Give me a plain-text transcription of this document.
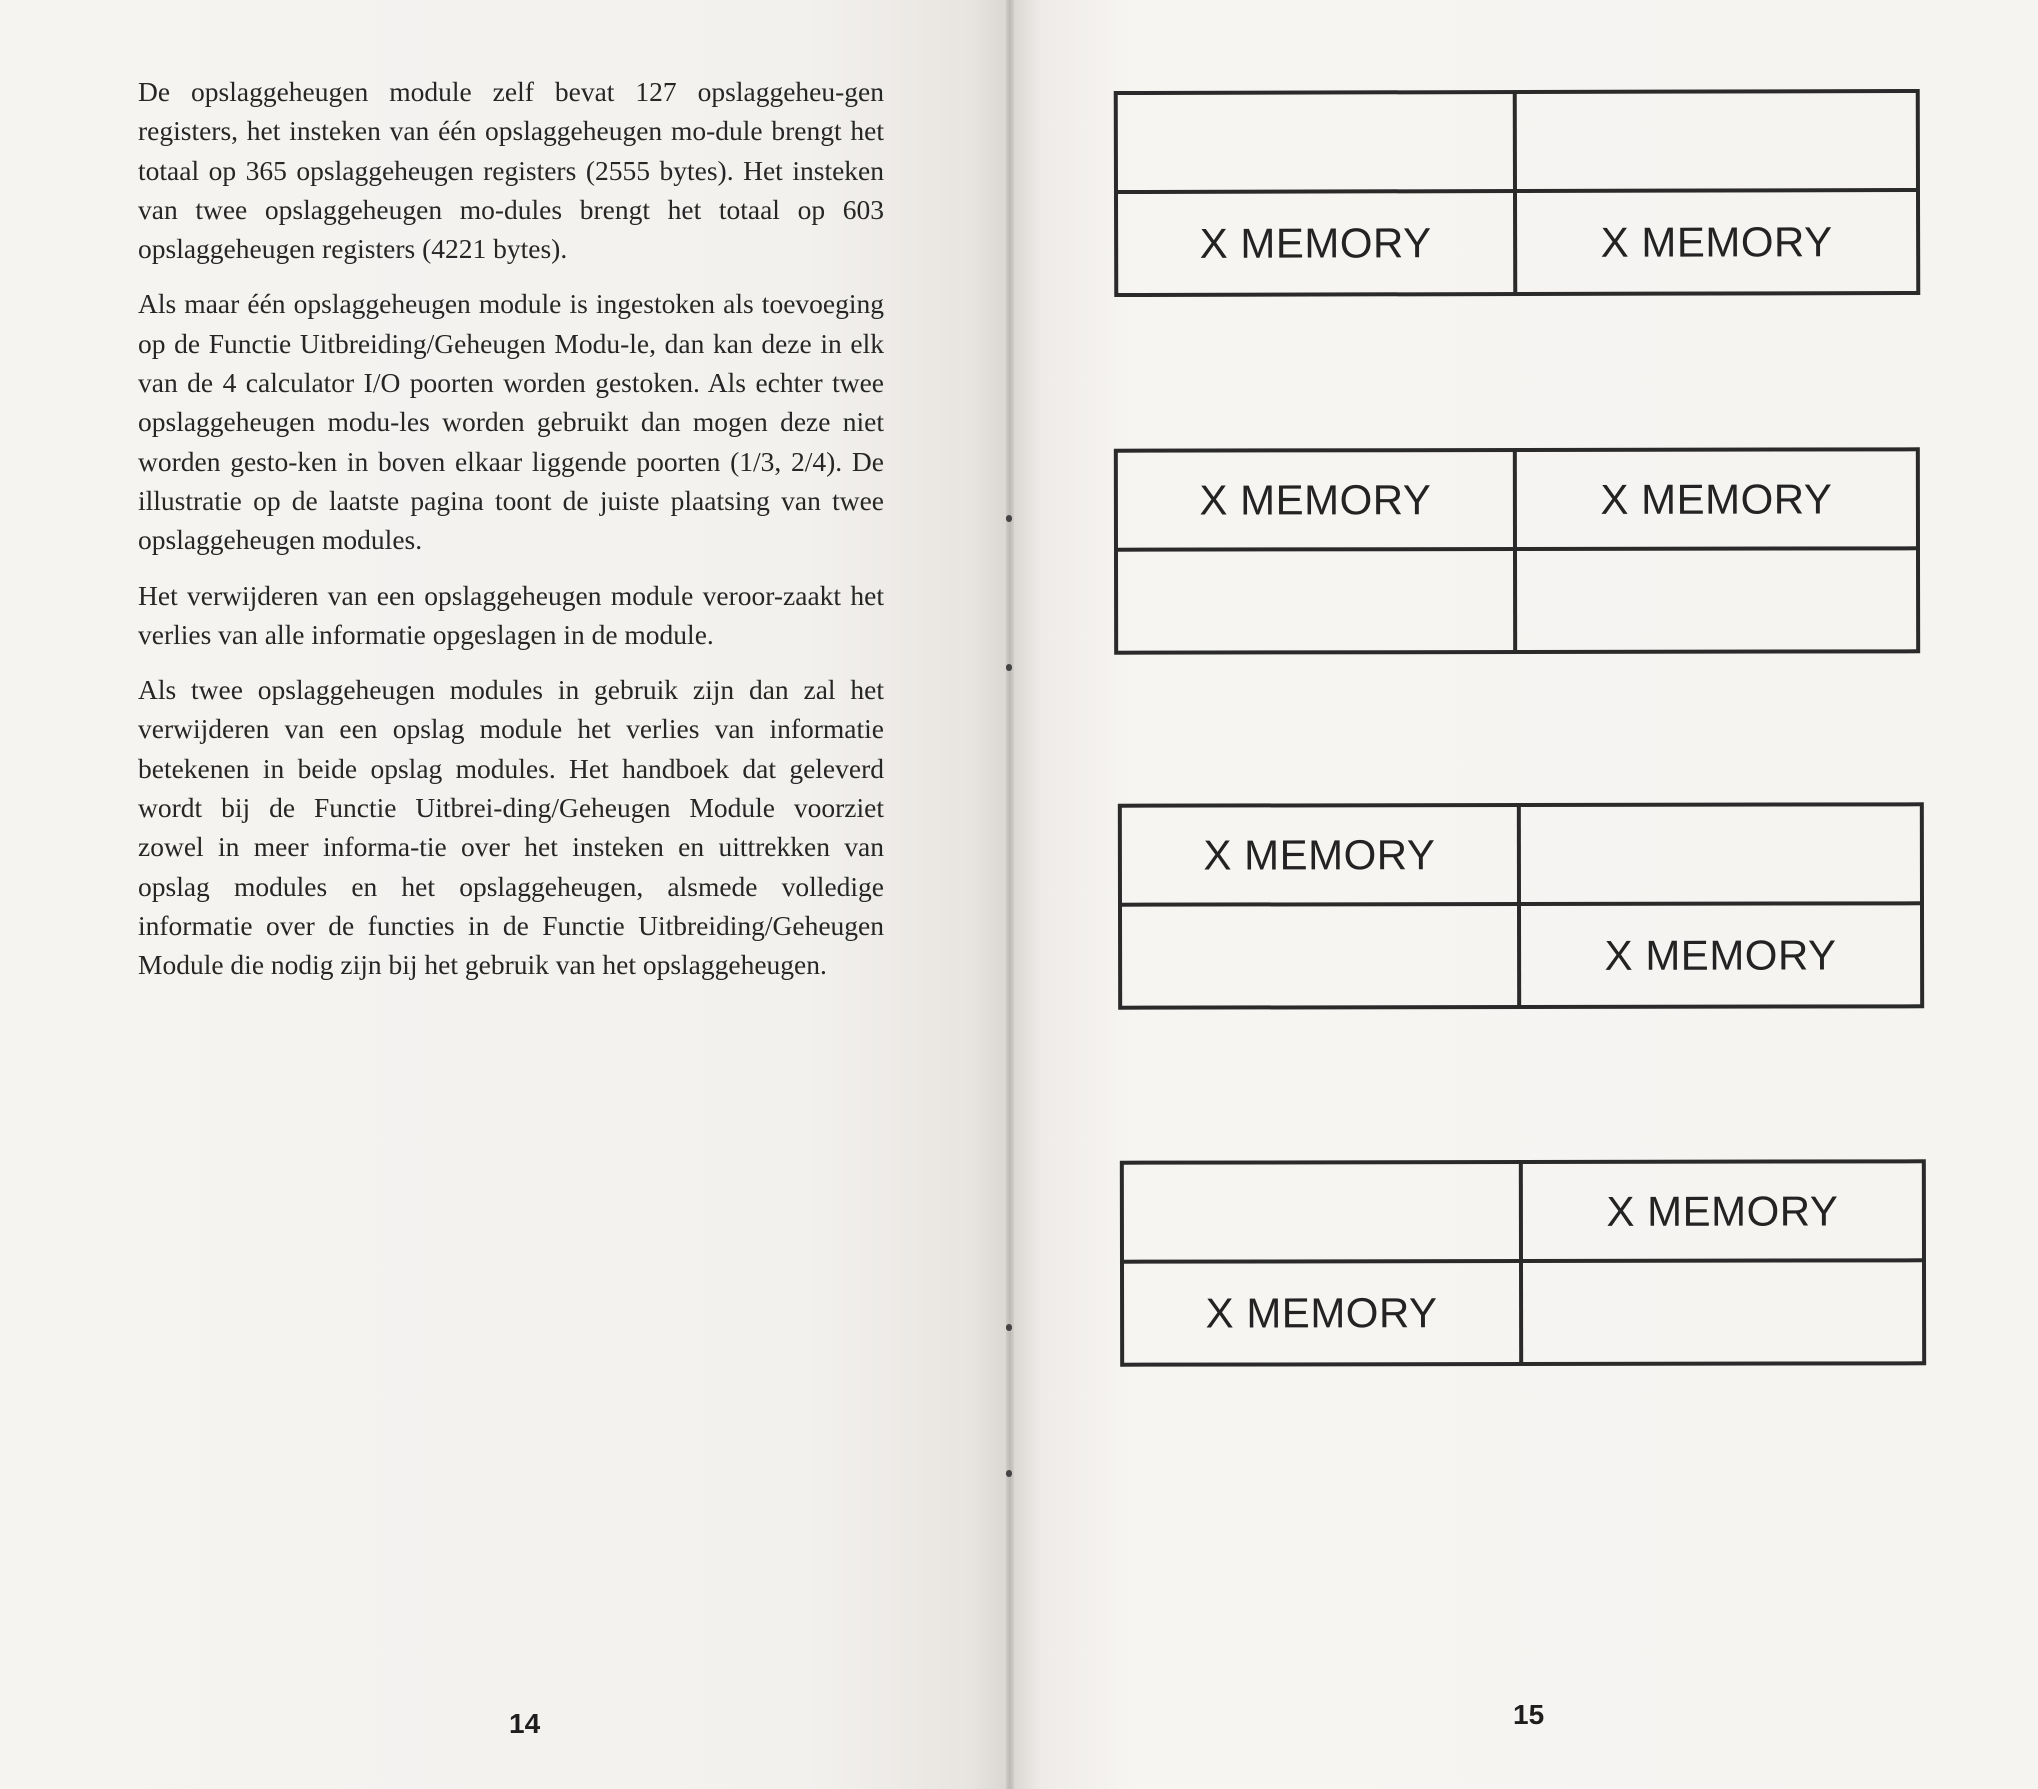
De opslaggeheugen module zelf bevat 127 opslaggeheu-gen registers, het insteken van één opslaggeheugen mo-dule brengt het totaal op 365 opslaggeheugen registers (2555 bytes). Het insteken van twee opslaggeheugen mo-dules brengt het totaal op 603 opslaggeheugen registers (4221 bytes).

Als maar één opslaggeheugen module is ingestoken als toevoeging op de Functie Uitbreiding/Geheugen Modu-le, dan kan deze in elk van de 4 calculator I/O poorten worden gestoken. Als echter twee opslaggeheugen modu-les worden gebruikt dan mogen deze niet worden gesto-ken in boven elkaar liggende poorten (1/3, 2/4). De illustratie op de laatste pagina toont de juiste plaatsing van twee opslaggeheugen modules.

Het verwijderen van een opslaggeheugen module veroor-zaakt het verlies van alle informatie opgeslagen in de module.

Als twee opslaggeheugen modules in gebruik zijn dan zal het verwijderen van een opslag module het verlies van informatie betekenen in beide opslag modules. Het handboek dat geleverd wordt bij de Functie Uitbrei-ding/Geheugen Module voorziet zowel in meer informa-tie over het insteken en uittrekken van opslag modules en het opslaggeheugen, alsmede volledige informatie over de functies in de Functie Uitbreiding/Geheugen Module die nodig zijn bij het gebruik van het opslaggeheugen.

14
X MEMORY	X MEMORY
X MEMORY	X MEMORY
X MEMORY
X MEMORY
X MEMORY
X MEMORY
15
